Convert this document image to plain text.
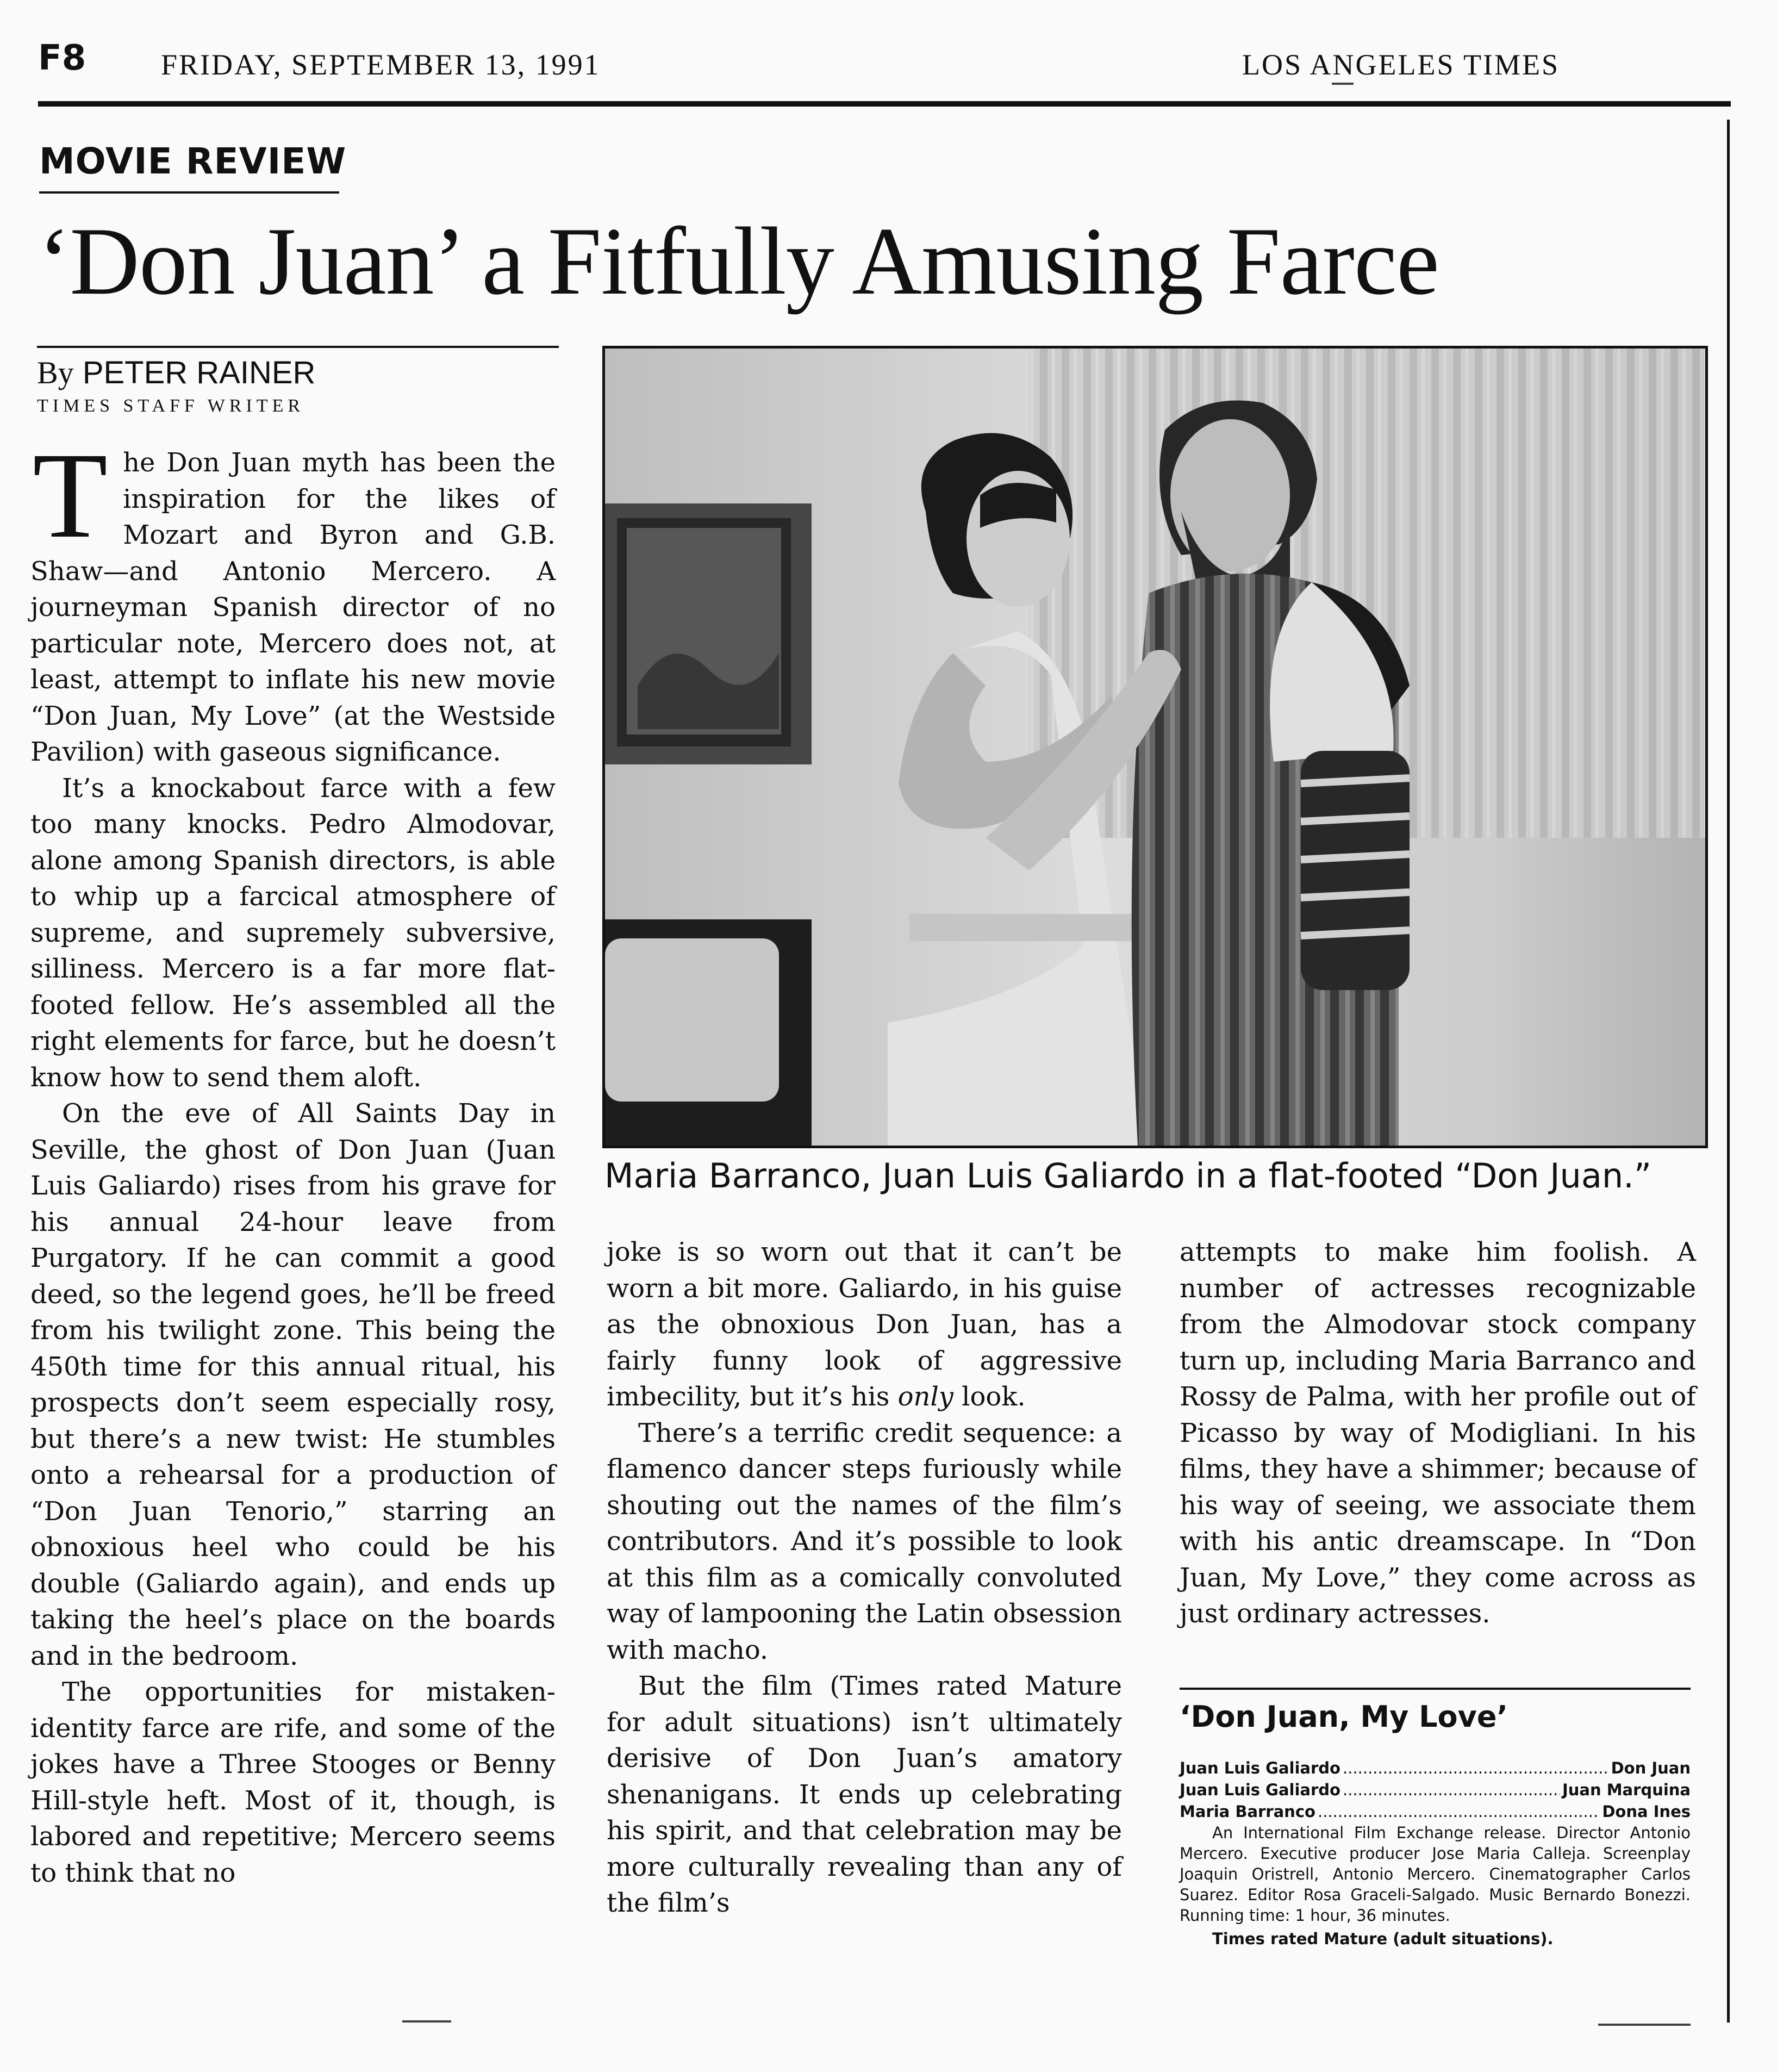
F8	FRIDAY, SEPTEMBER 13, 1991	LOS ANGELES TIMES
MOVIE REVIEW
‘Don Juan’ a Fitfully Amusing Farce
By PETER RAINER
TIMES STAFF WRITER

The Don Juan myth has been the inspiration for the likes of Mozart and Byron and G.B. Shaw—and Antonio Mercero. A journeyman Spanish director of no particular note, Mercero does not, at least, attempt to inflate his new movie “Don Juan, My Love” (at the Westside Pavilion) with gaseous significance.

It’s a knockabout farce with a few too many knocks. Pedro Almodovar, alone among Spanish directors, is able to whip up a farcical atmosphere of supreme, and supremely subversive, silliness. Mercero is a far more flat-footed fellow. He’s assembled all the right elements for farce, but he doesn’t know how to send them aloft.

On the eve of All Saints Day in Seville, the ghost of Don Juan (Juan Luis Galiardo) rises from his grave for his annual 24-hour leave from Purgatory. If he can commit a good deed, so the legend goes, he’ll be freed from his twilight zone. This being the 450th time for this annual ritual, his prospects don’t seem especially rosy, but there’s a new twist: He stumbles onto a rehearsal for a production of “Don Juan Tenorio,” starring an obnoxious heel who could be his double (Galiardo again), and ends up taking the heel’s place on the boards and in the bedroom.

The opportunities for mistaken-identity farce are rife, and some of the jokes have a Three Stooges or Benny Hill-style heft. Most of it, though, is labored and repetitive; Mercero seems to think that no

Maria Barranco, Juan Luis Galiardo in a flat-footed “Don Juan.”

joke is so worn out that it can’t be worn a bit more. Galiardo, in his guise as the obnoxious Don Juan, has a fairly funny look of aggressive imbecility, but it’s his only look.

There’s a terrific credit sequence: a flamenco dancer steps furiously while shouting out the names of the film’s contributors. And it’s possible to look at this film as a comically convoluted way of lampooning the Latin obsession with macho.

But the film (Times rated Mature for adult situations) isn’t ultimately derisive of Don Juan’s amatory shenanigans. It ends up celebrating his spirit, and that celebration may be more culturally revealing than any of the film’s

attempts to make him foolish. A number of actresses recognizable from the Almodovar stock company turn up, including Maria Barranco and Rossy de Palma, with her profile out of Picasso by way of Modigliani. In his films, they have a shimmer; because of his way of seeing, we associate them with his antic dreamscape. In “Don Juan, My Love,” they come across as just ordinary actresses.

‘Don Juan, My Love’
Juan Luis Galiardo .....	Don Juan
Juan Luis Galiardo .....	Juan Marquina
Maria Barranco .....	Dona Ines
An International Film Exchange release. Director Antonio Mercero. Executive producer Jose Maria Calleja. Screenplay Joaquin Oristrell, Antonio Mercero. Cinematographer Carlos Suarez. Editor Rosa Graceli-Salgado. Music Bernardo Bonezzi. Running time: 1 hour, 36 minutes.
Times rated Mature (adult situations).
